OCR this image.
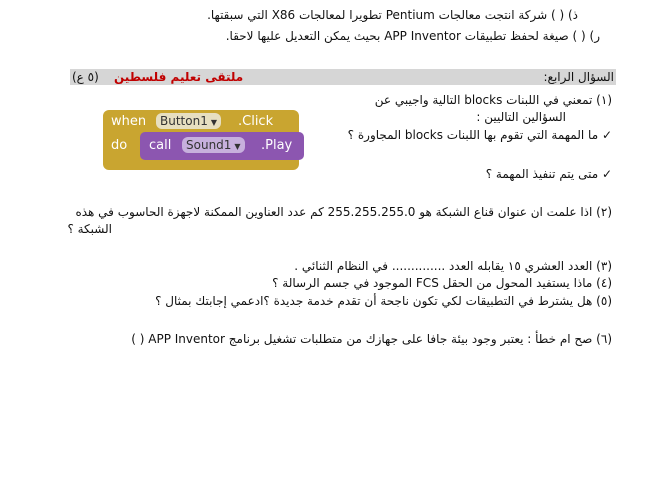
ذ) ( ) شركة انتجت معالجات Pentium تطويرا لمعالجات X86 التي سبقتها.
ر) ( ) صيغة لحفظ تطبيقات APP Inventor بحيث يمكن التعديل عليها لاحقا.
السؤال الرابع:
ملتقى تعليم فلسطين
(٥ ع)
(١) تمعني في اللبنات blocks التالية واجيبي عن
السؤالين التاليين :
✓ ما المهمة التي تقوم بها اللبنات blocks المجاورة ؟
✓ متى يتم تنفيذ المهمة ؟
when	Button1 ▼	.Click
do call	Sound1 ▼	.Play
(٢) اذا علمت ان عنوان قناع الشبكة هو 255.255.255.0 كم عدد العناوين الممكنة لاجهزة الحاسوب في هذه
الشبكة ؟
(٣) العدد العشري ١٥ يقابله العدد .............. في النظام الثنائي .
(٤) ماذا يستفيد المحول من الحقل FCS الموجود في جسم الرسالة ؟
(٥) هل يشترط في التطبيقات لكي تكون ناجحة أن تقدم خدمة جديدة ؟ادعمي إجابتك بمثال ؟
(٦) صح ام خطأ : يعتبر وجود بيئة جافا على جهازك من متطلبات تشغيل برنامج APP Inventor ( )
